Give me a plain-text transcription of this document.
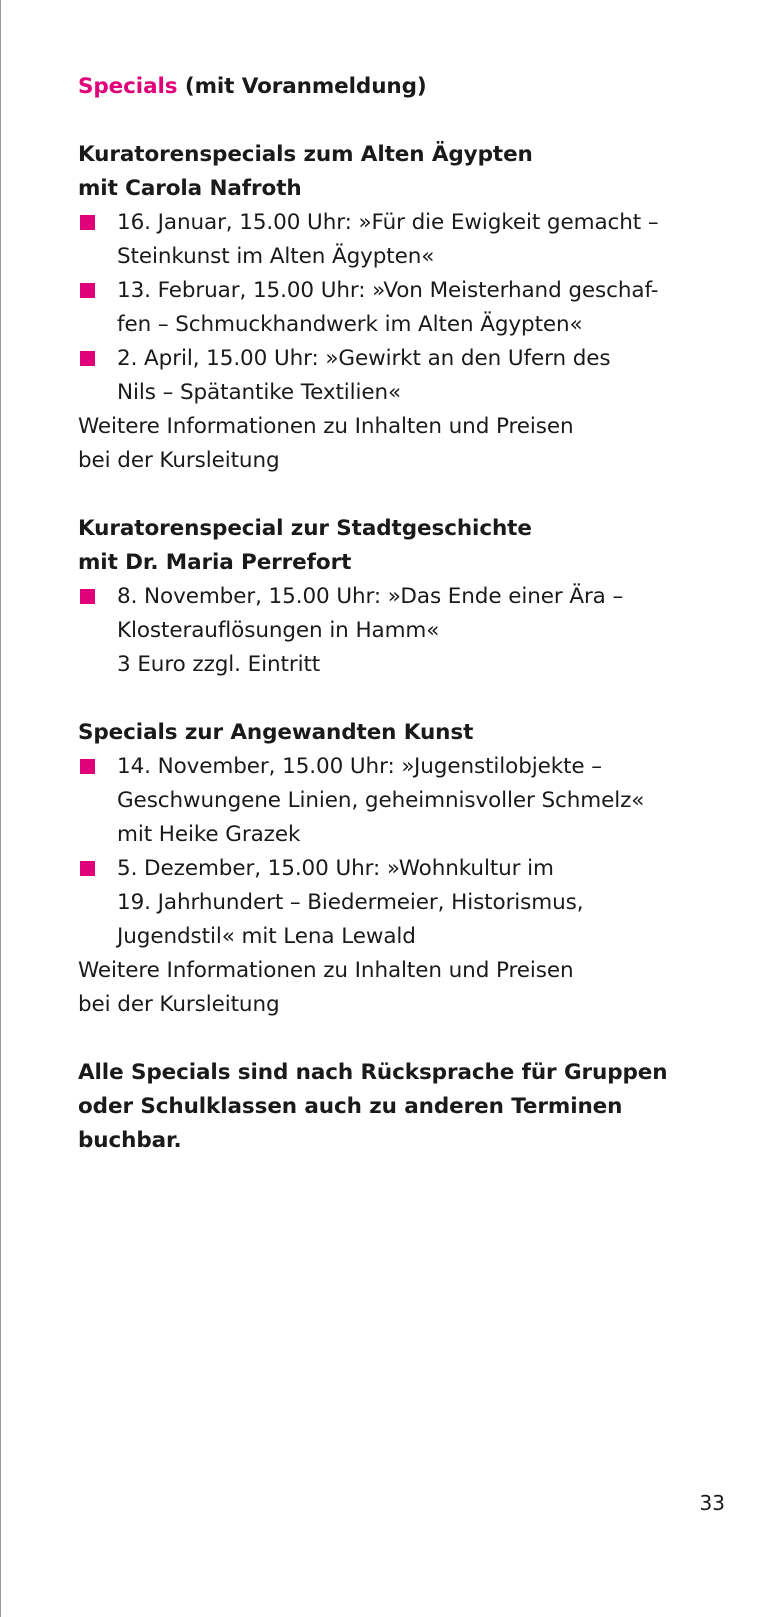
Specials (mit Voranmeldung)
Kuratorenspecials zum Alten Ägypten
mit Carola Nafroth
16. Januar, 15.00 Uhr: »Für die Ewigkeit gemacht –
Steinkunst im Alten Ägypten«
13. Februar, 15.00 Uhr: »Von Meisterhand geschaf-
fen – Schmuckhandwerk im Alten Ägypten«
2. April, 15.00 Uhr: »Gewirkt an den Ufern des
Nils – Spätantike Textilien«
Weitere Informationen zu Inhalten und Preisen
bei der Kursleitung
Kuratorenspecial zur Stadtgeschichte
mit Dr. Maria Perrefort
8. November, 15.00 Uhr: »Das Ende einer Ära –
Klosterauflösungen in Hamm«
3 Euro zzgl. Eintritt
Specials zur Angewandten Kunst
14. November, 15.00 Uhr: »Jugenstilobjekte –
Geschwungene Linien, geheimnisvoller Schmelz«
mit Heike Grazek
5. Dezember, 15.00 Uhr: »Wohnkultur im
19. Jahrhundert – Biedermeier, Historismus,
Jugendstil« mit Lena Lewald
Weitere Informationen zu Inhalten und Preisen
bei der Kursleitung
Alle Specials sind nach Rücksprache für Gruppen
oder Schulklassen auch zu anderen Terminen
buchbar.
33
